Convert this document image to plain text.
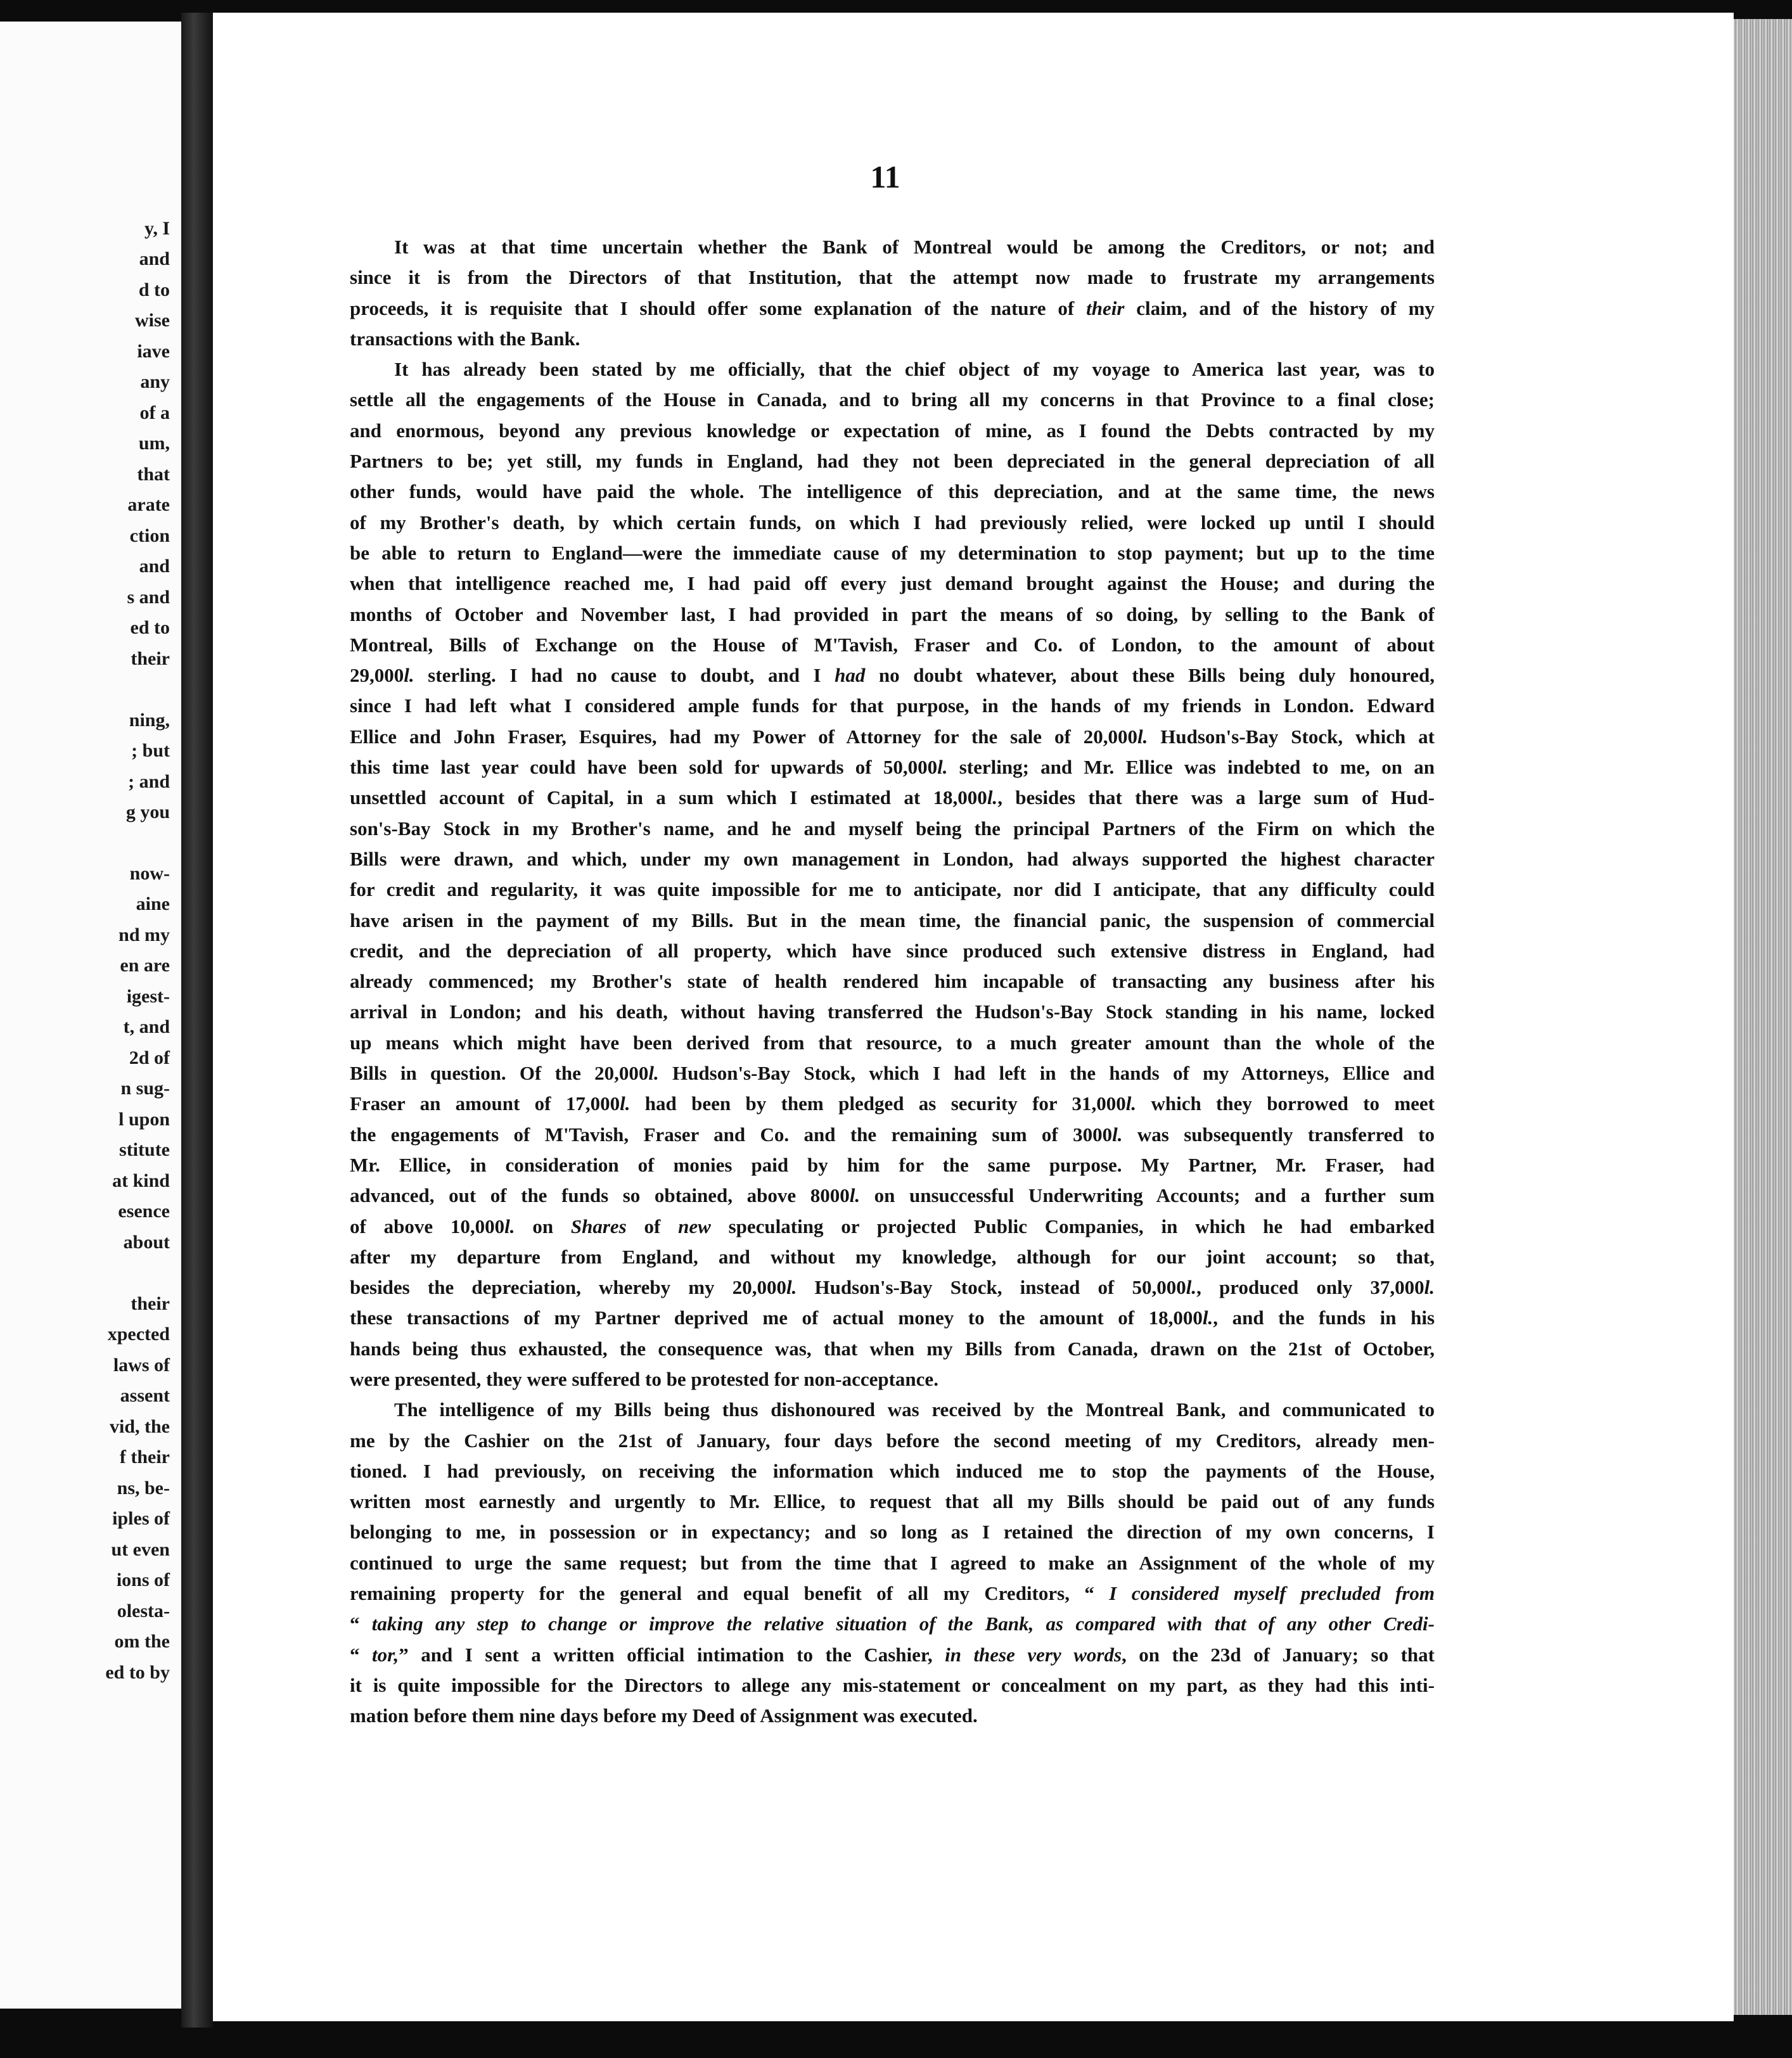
y, I
and
d to
wise
iave
any
of a
um,
that
arate
ction
and
s and
ed to
their
ning,
; but
; and
g you
now-
aine
nd my
en are
igest-
t, and
2d of
n sug-
l upon
stitute
at kind
esence
about
their
xpected
laws of
assent
vid, the
f their
ns, be-
iples of
ut even
ions of
olesta-
om the
ed to by
11

It was at that time uncertain whether the Bank of Montreal would be among the Creditors, or not; and

since it is from the Directors of that Institution, that the attempt now made to frustrate my arrangements

proceeds, it is requisite that I should offer some explanation of the nature of their claim, and of the history of my

transactions with the Bank.

It has already been stated by me officially, that the chief object of my voyage to America last year, was to

settle all the engagements of the House in Canada, and to bring all my concerns in that Province to a final close;

and enormous, beyond any previous knowledge or expectation of mine, as I found the Debts contracted by my

Partners to be; yet still, my funds in England, had they not been depreciated in the general depreciation of all

other funds, would have paid the whole. The intelligence of this depreciation, and at the same time, the news

of my Brother's death, by which certain funds, on which I had previously relied, were locked up until I should

be able to return to England—were the immediate cause of my determination to stop payment; but up to the time

when that intelligence reached me, I had paid off every just demand brought against the House; and during the

months of October and November last, I had provided in part the means of so doing, by selling to the Bank of

Montreal, Bills of Exchange on the House of M'Tavish, Fraser and Co. of London, to the amount of about

29,000l. sterling. I had no cause to doubt, and I had no doubt whatever, about these Bills being duly honoured,

since I had left what I considered ample funds for that purpose, in the hands of my friends in London. Edward

Ellice and John Fraser, Esquires, had my Power of Attorney for the sale of 20,000l. Hudson's-Bay Stock, which at

this time last year could have been sold for upwards of 50,000l. sterling; and Mr. Ellice was indebted to me, on an

unsettled account of Capital, in a sum which I estimated at 18,000l., besides that there was a large sum of Hud-

son's-Bay Stock in my Brother's name, and he and myself being the principal Partners of the Firm on which the

Bills were drawn, and which, under my own management in London, had always supported the highest character

for credit and regularity, it was quite impossible for me to anticipate, nor did I anticipate, that any difficulty could

have arisen in the payment of my Bills. But in the mean time, the financial panic, the suspension of commercial

credit, and the depreciation of all property, which have since produced such extensive distress in England, had

already commenced; my Brother's state of health rendered him incapable of transacting any business after his

arrival in London; and his death, without having transferred the Hudson's-Bay Stock standing in his name, locked

up means which might have been derived from that resource, to a much greater amount than the whole of the

Bills in question. Of the 20,000l. Hudson's-Bay Stock, which I had left in the hands of my Attorneys, Ellice and

Fraser an amount of 17,000l. had been by them pledged as security for 31,000l. which they borrowed to meet

the engagements of M'Tavish, Fraser and Co. and the remaining sum of 3000l. was subsequently transferred to

Mr. Ellice, in consideration of monies paid by him for the same purpose. My Partner, Mr. Fraser, had

advanced, out of the funds so obtained, above 8000l. on unsuccessful Underwriting Accounts; and a further sum

of above 10,000l. on Shares of new speculating or projected Public Companies, in which he had embarked

after my departure from England, and without my knowledge, although for our joint account; so that,

besides the depreciation, whereby my 20,000l. Hudson's-Bay Stock, instead of 50,000l., produced only 37,000l.

these transactions of my Partner deprived me of actual money to the amount of 18,000l., and the funds in his

hands being thus exhausted, the consequence was, that when my Bills from Canada, drawn on the 21st of October,

were presented, they were suffered to be protested for non-acceptance.

The intelligence of my Bills being thus dishonoured was received by the Montreal Bank, and communicated to

me by the Cashier on the 21st of January, four days before the second meeting of my Creditors, already men-

tioned. I had previously, on receiving the information which induced me to stop the payments of the House,

written most earnestly and urgently to Mr. Ellice, to request that all my Bills should be paid out of any funds

belonging to me, in possession or in expectancy; and so long as I retained the direction of my own concerns, I

continued to urge the same request; but from the time that I agreed to make an Assignment of the whole of my

remaining property for the general and equal benefit of all my Creditors, “ I considered myself precluded from

“ taking any step to change or improve the relative situation of the Bank, as compared with that of any other Credi-

“ tor,” and I sent a written official intimation to the Cashier, in these very words, on the 23d of January; so that

it is quite impossible for the Directors to allege any mis-statement or concealment on my part, as they had this inti-

mation before them nine days before my Deed of Assignment was executed.
